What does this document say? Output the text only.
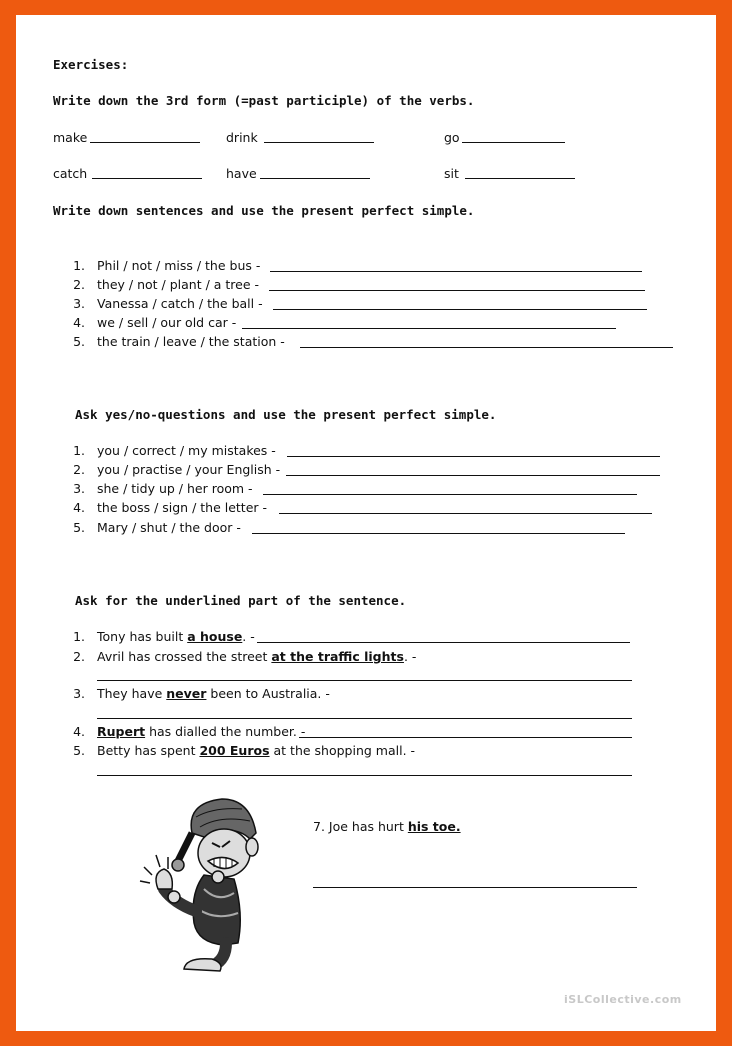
Exercises:
Write down the 3rd form (=past participle) of the verbs.
make	drink	go
catch	have	sit
Write down sentences and use the present perfect simple.
1. Phil / not / miss / the bus -
2. they / not / plant / a tree -
3. Vanessa / catch / the ball -
4. we / sell / our old car -
5. the train / leave / the station -
Ask yes/no-questions and use the present perfect simple.
1. you / correct / my mistakes -
2. you / practise / your English -
3. she / tidy up / her room -
4. the boss / sign / the letter -
5. Mary / shut / the door -
Ask for the underlined part of the sentence.
1. Tony has built a house. -
2. Avril has crossed the street at the traffic lights. -
3. They have never been to Australia. -
4. Rupert has dialled the number. -
5. Betty has spent 200 Euros at the shopping mall. -
7. Joe has hurt his toe.
iSLCollective.com
